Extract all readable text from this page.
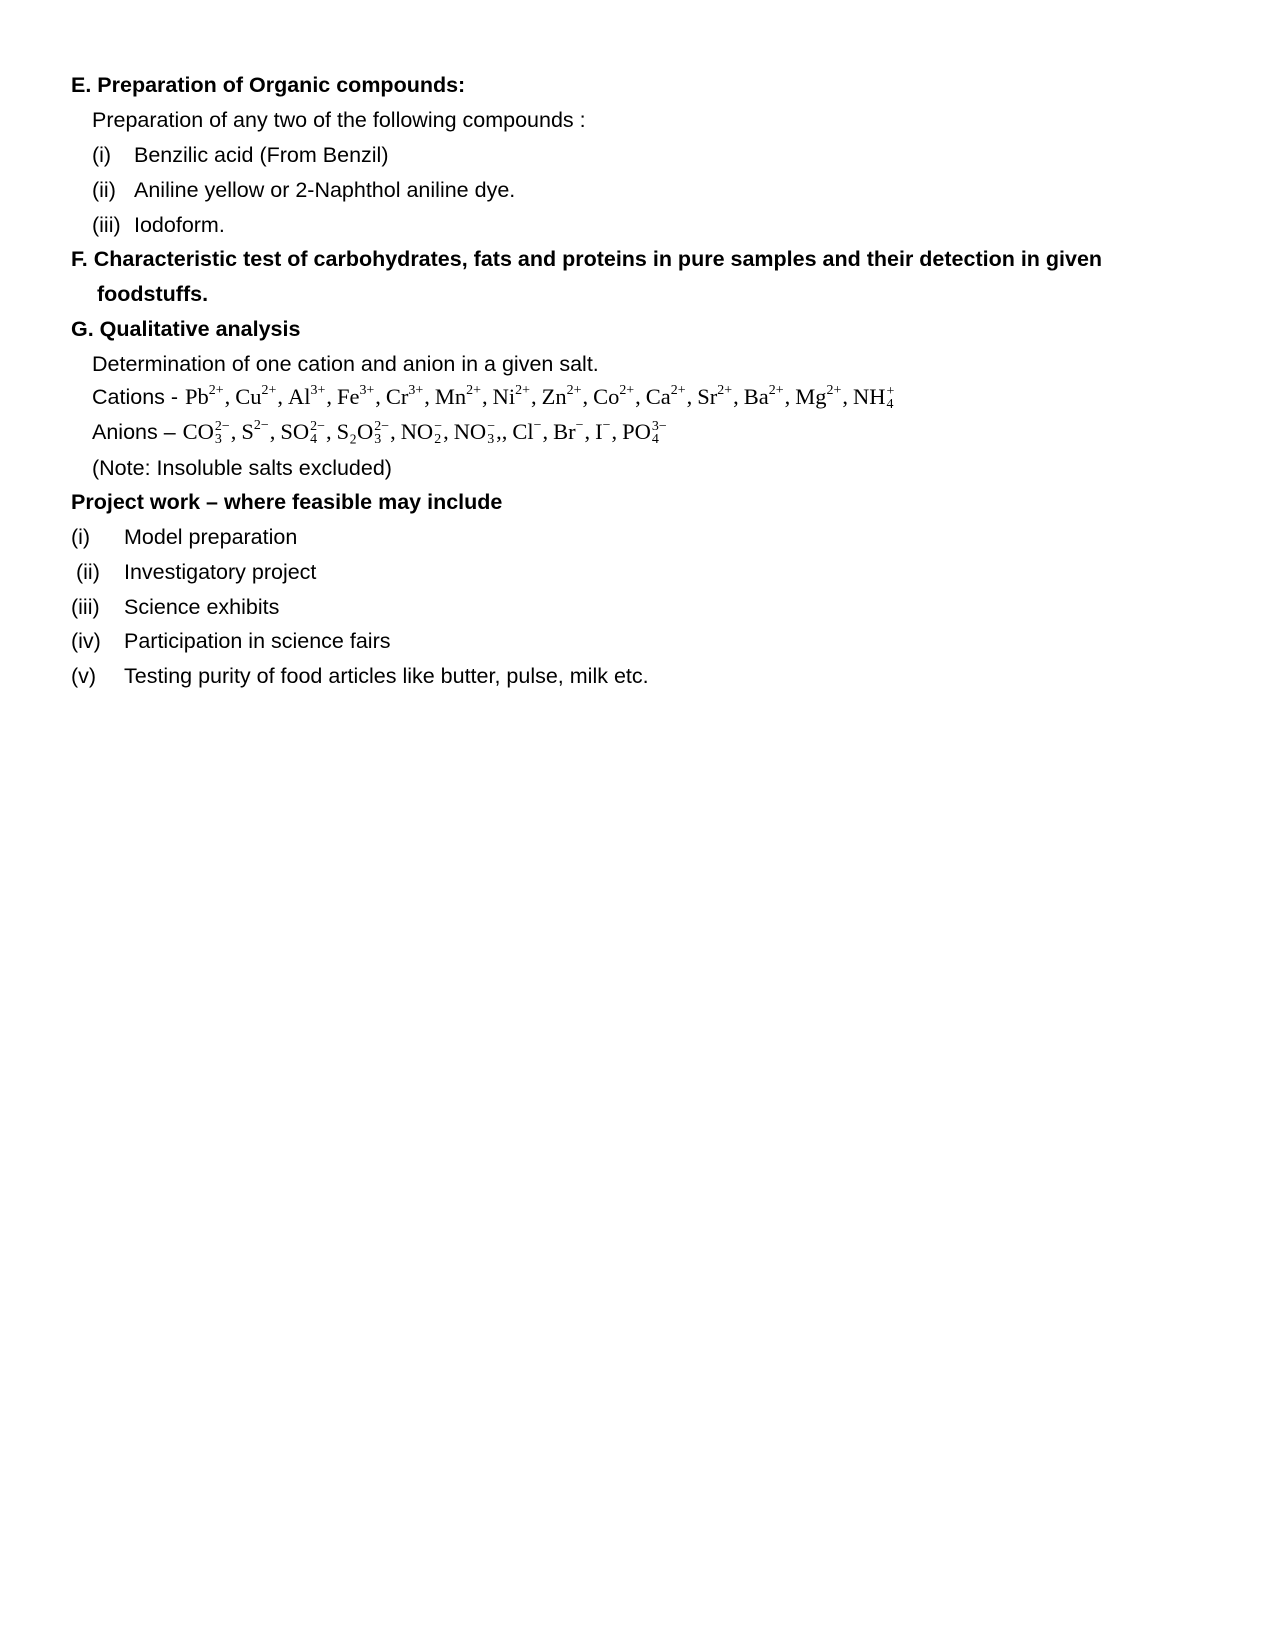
E. Preparation of Organic compounds:
Preparation of any two of the following compounds :
(i) Benzilic acid (From Benzil)
(ii) Aniline yellow or 2-Naphthol aniline dye.
(iii) Iodoform.
F. Characteristic test of carbohydrates, fats and proteins in pure samples and their detection in given
foodstuffs.
G. Qualitative analysis
Determination of one cation and anion in a given salt.
Cations - $Pb^{2+}$, $Cu^{2+}$, $Al^{3+}$, $Fe^{3+}$, $Cr^{3+}$, $Mn^{2+}$, $Ni^{2+}$, $Zn^{2+}$, $Co^{2+}$, $Ca^{2+}$, $Sr^{2+}$, $Ba^{2+}$, $Mg^{2+}$, NH +
4
Anions – CO 2−
3 , $S^{2-}$, SO 2−
4 , S₂O 2−
3 , NO −
2 , NO −
3 ,, Cl−, Br−, I−, PO 3−
4
(Note: Insoluble salts excluded)
Project work – where feasible may include
(i) Model preparation
(ii) Investigatory project
(iii) Science exhibits
(iv) Participation in science fairs
(v) Testing purity of food articles like butter, pulse, milk etc.
